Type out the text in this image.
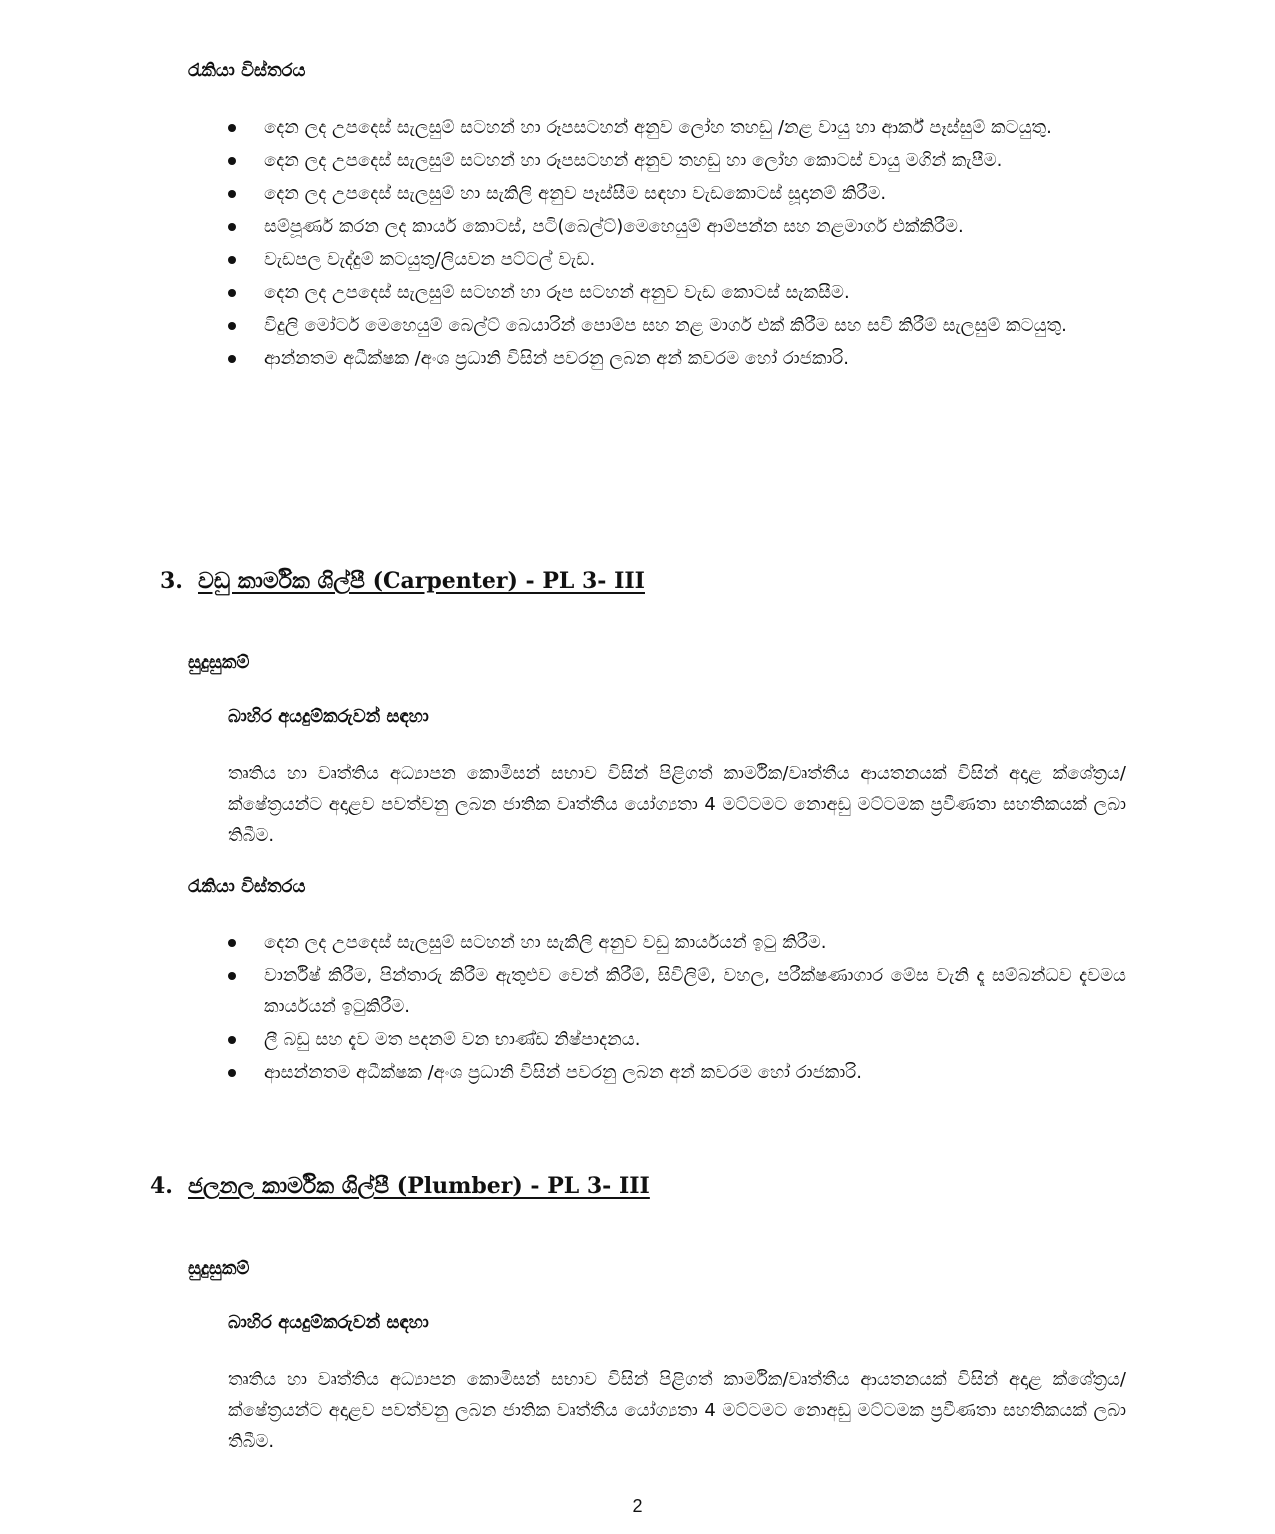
රැකියා විස්තරය

දෙන ලද උපදෙස් සැලසුම් සටහන් හා රූපසටහන් අනුව ලෝහ තහඩු /නළ වායු හා ආර්ක් පෑස්සුම් කටයුතු.
දෙන ලද උපදෙස් සැලසුම් සටහන් හා රූපසටහන් අනුව තහඩු හා ලෝහ කොටස් වායු මගින් කැපීම.
දෙන ලද උපදෙස් සැලසුම් හා සැකිලි අනුව පෑස්සීම සඳහා වැඩකොටස් සූදානම් කිරීම.
සම්පූර්ණ කරන ලද කාර්ය කොටස්, පටි(බෙල්ට්)මෙහෙයුම් ආම්පන්න සහ නළමාර්ග එක්කිරීම.
වැඩපල වැද්දුම් කටයුතු/ලියවන පට්ටල් වැඩ.
දෙන ලද උපදෙස් සැලසුම් සටහන් හා රූප සටහන් අනුව වැඩ කොටස් සැකසීම.
විදුලි මෝටර් මෙහෙයුම් බෙල්ට් බෙයාරින් පොම්ප සහ නළ මාර්ග එක් කිරීම සහ සවි කිරීම් සැලසුම් කටයුතු.
ආන්නතම අධීක්ෂක /අංශ ප්‍රධානි විසින් පවරනු ලබන අන් කවරම හෝ රාජකාරි.

3. වඩු කාර්මික ශිල්පී (Carpenter) - PL 3- III

සුදුසුකම්

බාහිර අයදුම්කරුවන් සඳහා

තෘතිය හා වෘත්තිය අධ්‍යාපන කොමිසන් සභාව විසින් පිළිගත් කාර්මික/වෘත්තීය ආයතනයක් විසින් අදාළ ක්ශේත්‍රය/ක්ෂේත්‍රයන්ට අදාළව පවත්වනු ලබන ජාතික වෘත්තීය යෝග්‍යතා 4 මට්ටමට නොඅඩු මට්ටමක ප්‍රවීණතා සහතිකයක් ලබා තිබීම.

රැකියා විස්තරය

දෙන ලද උපදෙස් සැලසුම් සටහන් හා සැකිලි අනුව වඩු කාර්යයන් ඉටු කිරීම.
වාර්නිෂ් කිරීම, පින්තාරු කිරීම ඇතුළුව වෙන් කිරීම්, සිවිලිම්, වහල, පරීක්ෂණාගාර මේස වැනි දෑ සම්බන්ධව දැවමය කාර්යයන් ඉටුකිරීම.
ලී බඩු සහ දැව මත පදනම් වන භාණ්ඩ නිෂ්පාදනය.
ආසන්නතම අධීක්ෂක /අංශ ප්‍රධානි විසින් පවරනු ලබන අන් කවරම හෝ රාජකාරි.

4. ජලනල කාර්මික ශිල්පී (Plumber) - PL 3- III

සුදුසුකම්

බාහිර අයදුම්කරුවන් සඳහා

තෘතිය හා වෘත්තිය අධ්‍යාපන කොමිසන් සභාව විසින් පිළිගත් කාර්මික/වෘත්තීය ආයතනයක් විසින් අදාළ ක්ශේත්‍රය/ක්ෂේත්‍රයන්ට අදාළව පවත්වනු ලබන ජාතික වෘත්තීය යෝග්‍යතා 4 මට්ටමට නොඅඩු මට්ටමක ප්‍රවීණතා සහතිකයක් ලබා තිබීම.

2
